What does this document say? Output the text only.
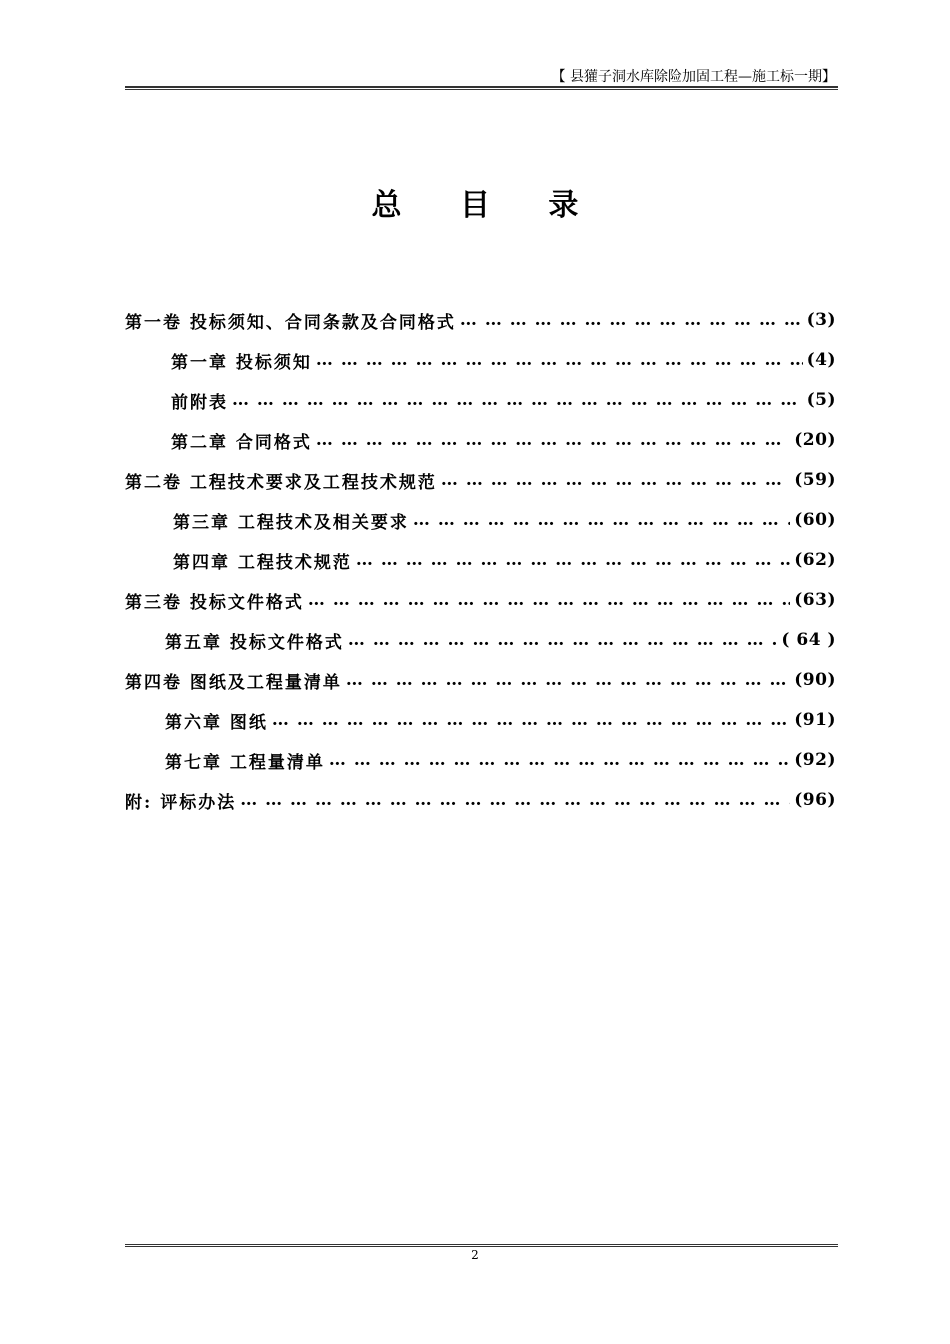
【 县獾子洞水库除险加固工程—施工标一期】
总 目 录
第一卷 投标须知、合同条款及合同格式 … … … … … … … … … … … … … … … … … … … … … … … … … … … … … … … … … … … … … … … … … … …	(3)
第一章 投标须知 … … … … … … … … … … … … … … … … … … … … … … … … … … … … … … … … … … … … … … … … … … …	(4)
前附表 … … … … … … … … … … … … … … … … … … … … … … … … … … … … … … … … … … … … … … … … … … …	(5)
第二章 合同格式 … … … … … … … … … … … … … … … … … … … … … … … … … … … … … … … … … … … … … … … … … … …	(20)
第二卷 工程技术要求及工程技术规范 … … … … … … … … … … … … … … … … … … … … … … … … … … … … … … … … … … … … … … … … … … …	(59)
第三章 工程技术及相关要求 … … … … … … … … … … … … … … … … … … … … … … … … … … … … … … … … … … … … … … … … … … …	(60)
第四章 工程技术规范 … … … … … … … … … … … … … … … … … … … … … … … … … … … … … … … … … … … … … … … … … … …	(62)
第三卷 投标文件格式 … … … … … … … … … … … … … … … … … … … … … … … … … … … … … … … … … … … … … … … … … … …	(63)
第五章 投标文件格式 … … … … … … … … … … … … … … … … … … … … … … … … … … … … … … … … … … … … … … … … … … …	( 64 )
第四卷 图纸及工程量清单 … … … … … … … … … … … … … … … … … … … … … … … … … … … … … … … … … … … … … … … … … … …	(90)
第六章 图纸 … … … … … … … … … … … … … … … … … … … … … … … … … … … … … … … … … … … … … … … … … … …	(91)
第七章 工程量清单 … … … … … … … … … … … … … … … … … … … … … … … … … … … … … … … … … … … … … … … … … … …	(92)
附: 评标办法 … … … … … … … … … … … … … … … … … … … … … … … … … … … … … … … … … … … … … … … … … … …	(96)
2
